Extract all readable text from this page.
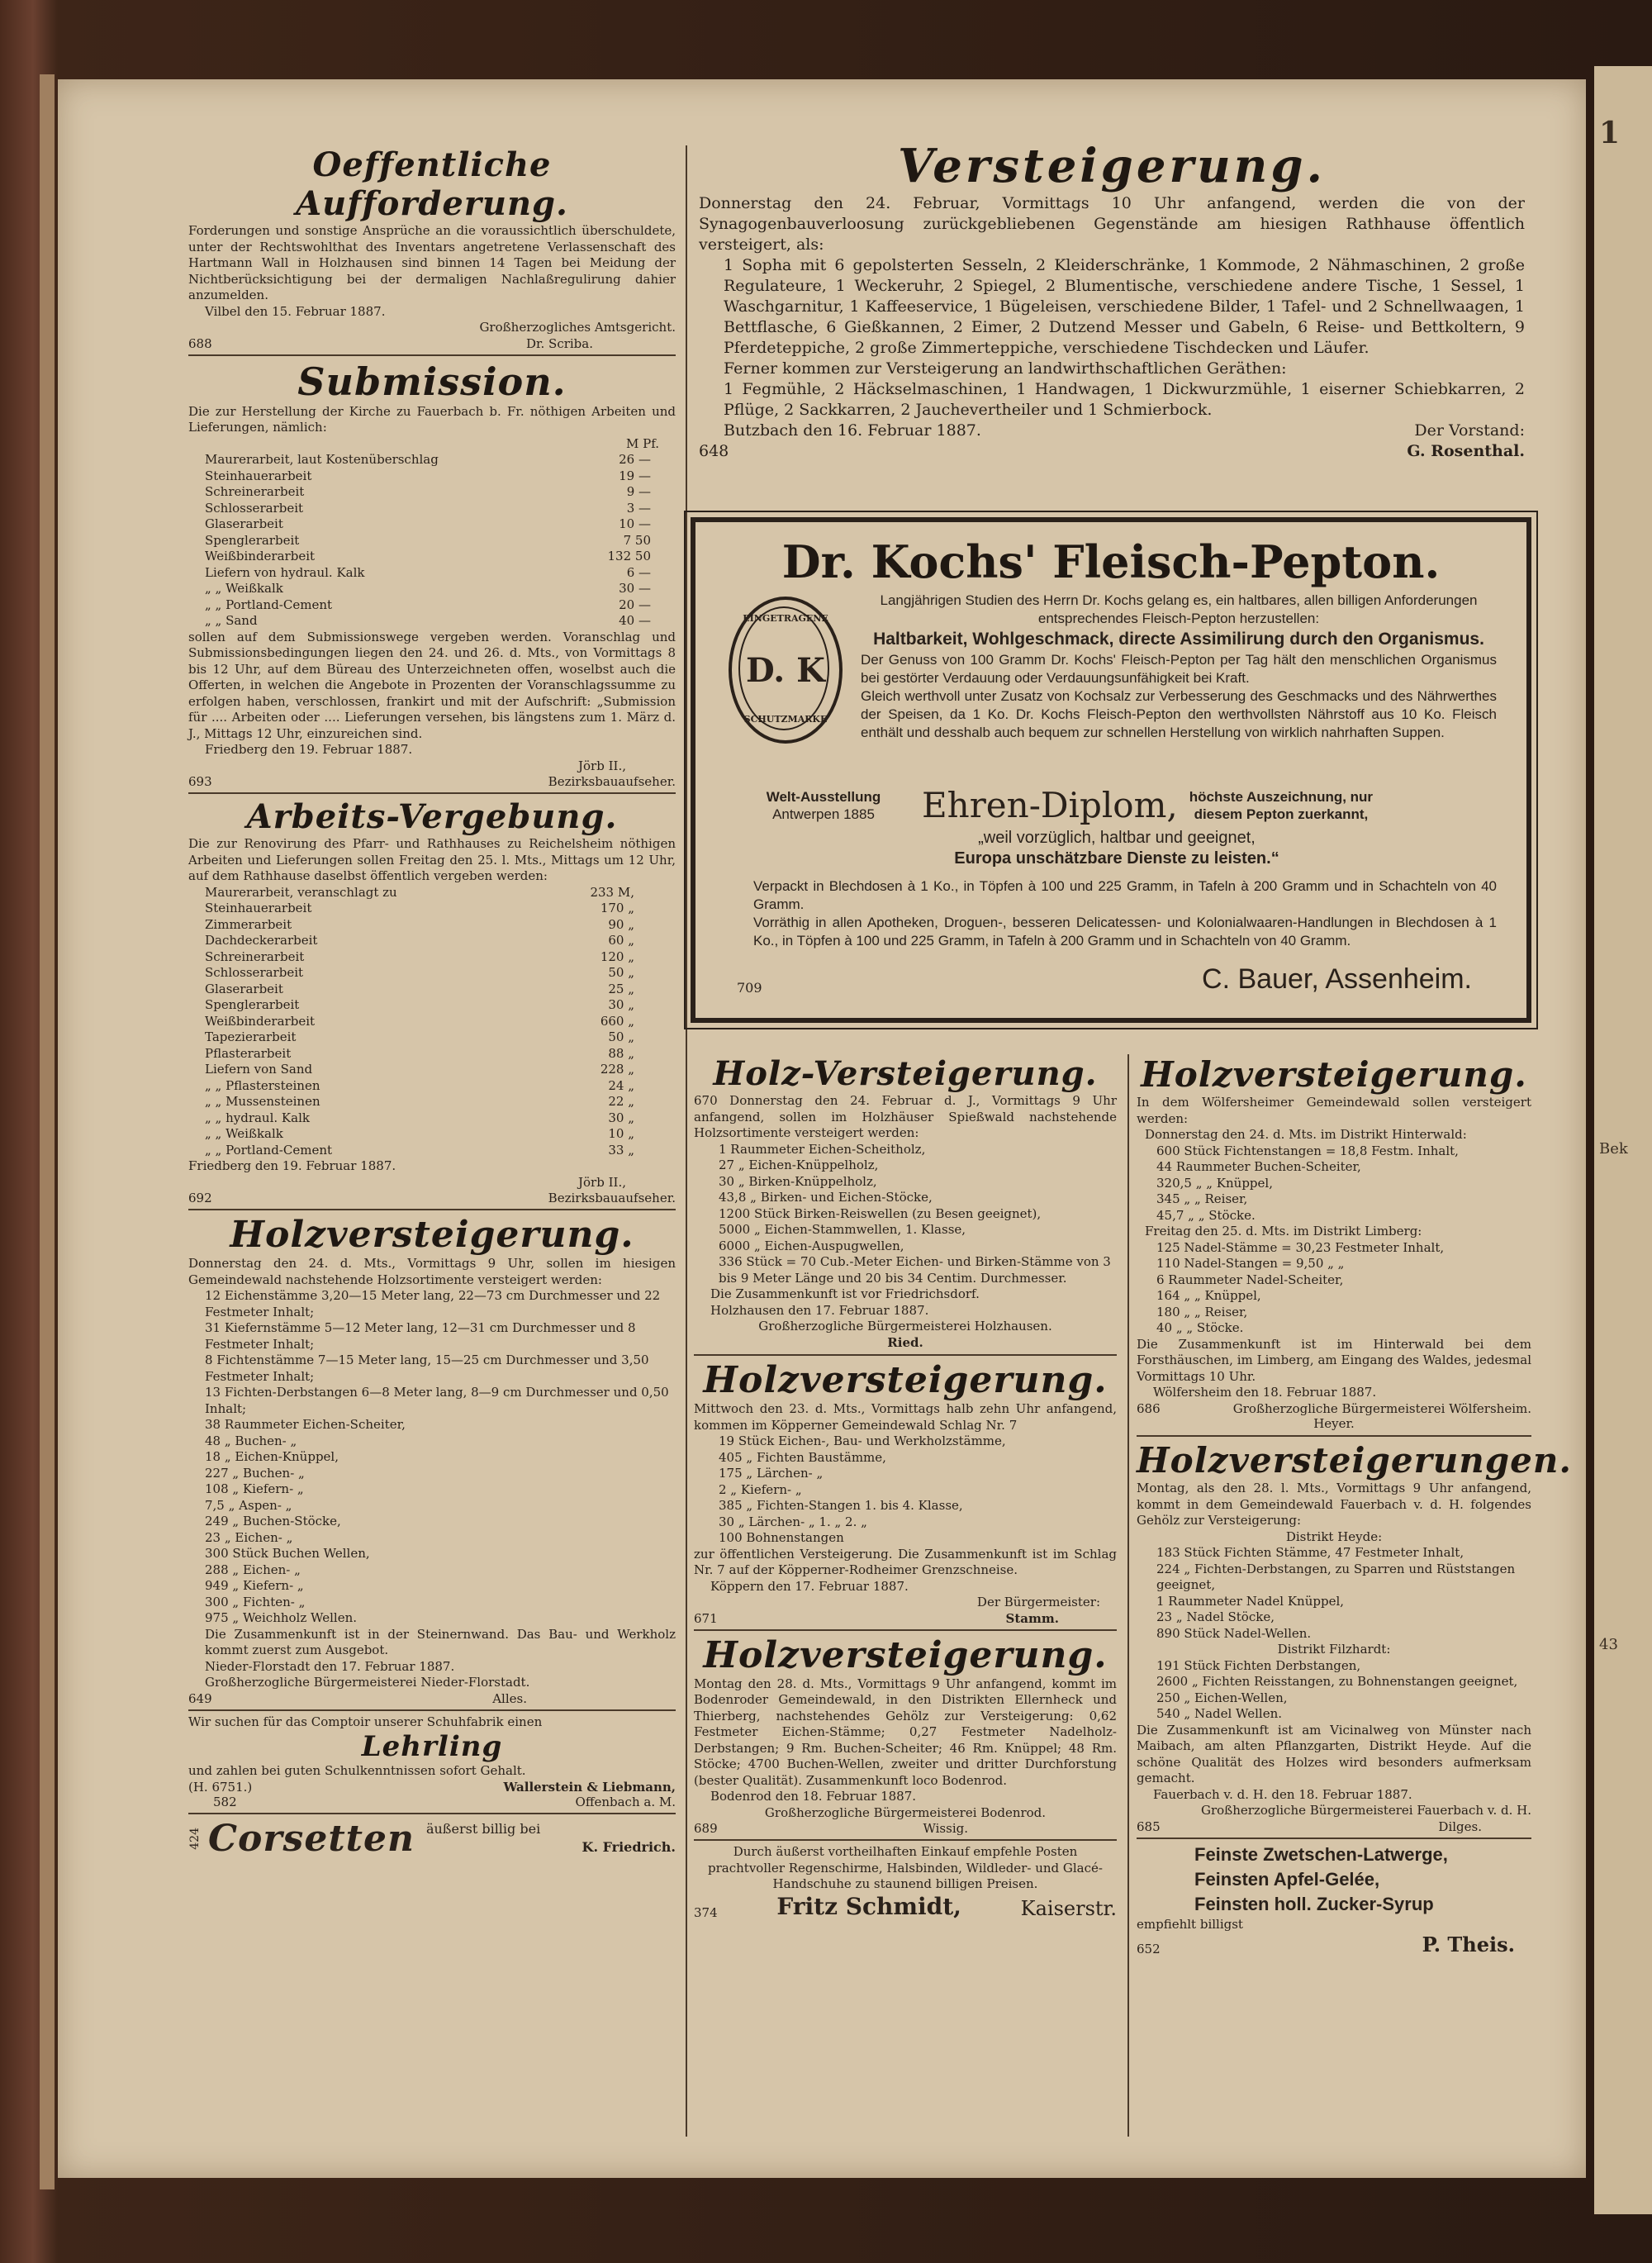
1
Bek
43
Oeffentliche Aufforderung.

Forderungen und sonstige Ansprüche an die voraussichtlich überschuldete, unter der Rechtswohlthat des Inventars angetretene Verlassenschaft des Hartmann Wall in Holzhausen sind binnen 14 Tagen bei Meidung der Nichtberücksichtigung bei der dermaligen Nachlaßregulirung dahier anzumelden.

Vilbel den 15. Februar 1887.

Großherzogliches Amtsgericht.

688	Dr. Scriba.
Submission.

Die zur Herstellung der Kirche zu Fauerbach b. Fr. nöthigen Arbeiten und Lieferungen, nämlich:

M Pf.

Maurerarbeit, laut Kostenüberschlag	26 —
Steinhauerarbeit	19 —
Schreinerarbeit	9 —
Schlosserarbeit	3 —
Glaserarbeit	10 —
Spenglerarbeit	7 50
Weißbinderarbeit	132 50
Liefern von hydraul. Kalk	6 —
„ „ Weißkalk	30 —
„ „ Portland-Cement	20 —
„ „ Sand	40 —

sollen auf dem Submissionswege vergeben werden. Voranschlag und Submissionsbedingungen liegen den 24. und 26. d. Mts., von Vormittags 8 bis 12 Uhr, auf dem Büreau des Unterzeichneten offen, woselbst auch die Offerten, in welchen die Angebote in Prozenten der Voranschlagssumme zu erfolgen haben, verschlossen, frankirt und mit der Aufschrift: „Submission für .... Arbeiten oder .... Lieferungen versehen, bis längstens zum 1. März d. J., Mittags 12 Uhr, einzureichen sind.

Friedberg den 19. Februar 1887.

Jörb II.,

693	Bezirksbauaufseher.
Arbeits-Vergebung.

Die zur Renovirung des Pfarr- und Rathhauses zu Reichelsheim nöthigen Arbeiten und Lieferungen sollen Freitag den 25. l. Mts., Mittags um 12 Uhr, auf dem Rathhause daselbst öffentlich vergeben werden:

Maurerarbeit, veranschlagt zu	233 M,
Steinhauerarbeit	170 „
Zimmerarbeit	90 „
Dachdeckerarbeit	60 „
Schreinerarbeit	120 „
Schlosserarbeit	50 „
Glaserarbeit	25 „
Spenglerarbeit	30 „
Weißbinderarbeit	660 „
Tapezierarbeit	50 „
Pflasterarbeit	88 „
Liefern von Sand	228 „
„ „ Pflastersteinen	24 „
„ „ Mussensteinen	22 „
„ „ hydraul. Kalk	30 „
„ „ Weißkalk	10 „
„ „ Portland-Cement	33 „

Friedberg den 19. Februar 1887.

Jörb II.,

692	Bezirksbauaufseher.
Holzversteigerung.

Donnerstag den 24. d. Mts., Vormittags 9 Uhr, sollen im hiesigen Gemeindewald nachstehende Holzsortimente versteigert werden:

12 Eichenstämme 3,20—15 Meter lang, 22—73 cm Durchmesser und 22 Festmeter Inhalt;

31 Kiefernstämme 5—12 Meter lang, 12—31 cm Durchmesser und 8 Festmeter Inhalt;

8 Fichtenstämme 7—15 Meter lang, 15—25 cm Durchmesser und 3,50 Festmeter Inhalt;

13 Fichten-Derbstangen 6—8 Meter lang, 8—9 cm Durchmesser und 0,50 Inhalt;

38 Raummeter Eichen-Scheiter,

48 „ Buchen- „

18 „ Eichen-Knüppel,

227 „ Buchen- „

108 „ Kiefern- „

7,5 „ Aspen- „

249 „ Buchen-Stöcke,

23 „ Eichen- „

300 Stück Buchen Wellen,

288 „ Eichen- „

949 „ Kiefern- „

300 „ Fichten- „

975 „ Weichholz Wellen.

Die Zusammenkunft ist in der Steinernwand. Das Bau- und Werkholz kommt zuerst zum Ausgebot.

Nieder-Florstadt den 17. Februar 1887.

Großherzogliche Bürgermeisterei Nieder-Florstadt.

649	Alles.

Wir suchen für das Comptoir unserer Schuhfabrik einen

Lehrling

und zahlen bei guten Schulkenntnissen sofort Gehalt.

(H. 6751.)	Wallerstein & Liebmann,
582	Offenbach a. M.
424 Corsetten äußerst billig bei
K. Friedrich.
Versteigerung.

Donnerstag den 24. Februar, Vormittags 10 Uhr anfangend, werden die von der Synagogenbauverloosung zurückgebliebenen Gegenstände am hiesigen Rathhause öffentlich versteigert, als:

1 Sopha mit 6 gepolsterten Sesseln, 2 Kleiderschränke, 1 Kommode, 2 Nähmaschinen, 2 große Regulateure, 1 Weckeruhr, 2 Spiegel, 2 Blumentische, verschiedene andere Tische, 1 Sessel, 1 Waschgarnitur, 1 Kaffeeservice, 1 Bügeleisen, verschiedene Bilder, 1 Tafel- und 2 Schnellwaagen, 1 Bettflasche, 6 Gießkannen, 2 Eimer, 2 Dutzend Messer und Gabeln, 6 Reise- und Bettkoltern, 9 Pferdeteppiche, 2 große Zimmerteppiche, verschiedene Tischdecken und Läufer.

Ferner kommen zur Versteigerung an landwirthschaftlichen Geräthen:

1 Fegmühle, 2 Häckselmaschinen, 1 Handwagen, 1 Dickwurzmühle, 1 eiserner Schiebkarren, 2 Pflüge, 2 Sackkarren, 2 Jauchevertheiler und 1 Schmierbock.

Butzbach den 16. Februar 1887.	Der Vorstand:
648	G. Rosenthal.
Dr. Kochs' Fleisch-Pepton.
EINGETRAGENE
D. K
SCHUTZMARKE

Langjährigen Studien des Herrn Dr. Kochs gelang es, ein haltbares, allen billigen Anforderungen entsprechendes Fleisch-Pepton herzustellen:

Haltbarkeit, Wohlgeschmack, directe Assimilirung durch den Organismus.

Der Genuss von 100 Gramm Dr. Kochs' Fleisch-Pepton per Tag hält den menschlichen Organismus bei gestörter Verdauung oder Verdauungsunfähigkeit bei Kraft.

Gleich werthvoll unter Zusatz von Kochsalz zur Verbesserung des Geschmacks und des Nährwerthes der Speisen, da 1 Ko. Dr. Kochs Fleisch-Pepton den werthvollsten Nährstoff aus 10 Ko. Fleisch enthält und desshalb auch bequem zur schnellen Herstellung von wirklich nahrhaften Suppen.

Welt-Ausstellung
Antwerpen 1885	Ehren-Diplom, höchste Auszeichnung, nur
diesem Pepton zuerkannt,
„weil vorzüglich, haltbar und geeignet,
Europa unschätzbare Dienste zu leisten.“

Verpackt in Blechdosen à 1 Ko., in Töpfen à 100 und 225 Gramm, in Tafeln à 200 Gramm und in Schachteln von 40 Gramm.

Vorräthig in allen Apotheken, Droguen-, besseren Delicatessen- und Kolonialwaaren-Handlungen in Blechdosen à 1 Ko., in Töpfen à 100 und 225 Gramm, in Tafeln à 200 Gramm und in Schachteln von 40 Gramm.

709	C. Bauer, Assenheim.
Holz-Versteigerung.

670 Donnerstag den 24. Februar d. J., Vormittags 9 Uhr anfangend, sollen im Holzhäuser Spießwald nachstehende Holzsortimente versteigert werden:

1 Raummeter Eichen-Scheitholz,

27 „ Eichen-Knüppelholz,

30 „ Birken-Knüppelholz,

43,8 „ Birken- und Eichen-Stöcke,

1200 Stück Birken-Reiswellen (zu Besen geeignet),

5000 „ Eichen-Stammwellen, 1. Klasse,

6000 „ Eichen-Auspugwellen,

336 Stück = 70 Cub.-Meter Eichen- und Birken-Stämme von 3 bis 9 Meter Länge und 20 bis 34 Centim. Durchmesser.

Die Zusammenkunft ist vor Friedrichsdorf.

Holzhausen den 17. Februar 1887.

Großherzogliche Bürgermeisterei Holzhausen.

Ried.

Holzversteigerung.

Mittwoch den 23. d. Mts., Vormittags halb zehn Uhr anfangend, kommen im Köpperner Gemeindewald Schlag Nr. 7

19 Stück Eichen-, Bau- und Werkholzstämme,

405 „ Fichten Baustämme,

175 „ Lärchen- „

2 „ Kiefern- „

385 „ Fichten-Stangen 1. bis 4. Klasse,

30 „ Lärchen- „ 1. „ 2. „

100 Bohnenstangen

zur öffentlichen Versteigerung. Die Zusammenkunft ist im Schlag Nr. 7 auf der Köpperner-Rodheimer Grenzschneise.

Köppern den 17. Februar 1887.

Der Bürgermeister:

671	Stamm.
Holzversteigerung.

Montag den 28. d. Mts., Vormittags 9 Uhr anfangend, kommt im Bodenroder Gemeindewald, in den Distrikten Ellernheck und Thierberg, nachstehendes Gehölz zur Versteigerung: 0,62 Festmeter Eichen-Stämme; 0,27 Festmeter Nadelholz-Derbstangen; 9 Rm. Buchen-Scheiter; 46 Rm. Knüppel; 48 Rm. Stöcke; 4700 Buchen-Wellen, zweiter und dritter Durchforstung (bester Qualität). Zusammenkunft loco Bodenrod.

Bodenrod den 18. Februar 1887.

Großherzogliche Bürgermeisterei Bodenrod.

689	Wissig.

Durch äußerst vortheilhaften Einkauf empfehle Posten prachtvoller Regenschirme, Halsbinden, Wildleder- und Glacé-Handschuhe zu staunend billigen Preisen.

374	Fritz Schmidt,	Kaiserstr.
Holzversteigerung.

In dem Wölfersheimer Gemeindewald sollen versteigert werden:

Donnerstag den 24. d. Mts. im Distrikt Hinterwald:

600 Stück Fichtenstangen = 18,8 Festm. Inhalt,

44 Raummeter Buchen-Scheiter,

320,5 „ „ Knüppel,

345 „ „ Reiser,

45,7 „ „ Stöcke.

Freitag den 25. d. Mts. im Distrikt Limberg:

125 Nadel-Stämme = 30,23 Festmeter Inhalt,

110 Nadel-Stangen = 9,50 „ „

6 Raummeter Nadel-Scheiter,

164 „ „ Knüppel,

180 „ „ Reiser,

40 „ „ Stöcke.

Die Zusammenkunft ist im Hinterwald bei dem Forsthäuschen, im Limberg, am Eingang des Waldes, jedesmal Vormittags 10 Uhr.

Wölfersheim den 18. Februar 1887.

686	Großherzogliche Bürgermeisterei Wölfersheim.

Heyer.

Holzversteigerungen.

Montag, als den 28. l. Mts., Vormittags 9 Uhr anfangend, kommt in dem Gemeindewald Fauerbach v. d. H. folgendes Gehölz zur Versteigerung:

Distrikt Heyde:

183 Stück Fichten Stämme, 47 Festmeter Inhalt,

224 „ Fichten-Derbstangen, zu Sparren und Rüststangen geeignet,

1 Raummeter Nadel Knüppel,

23 „ Nadel Stöcke,

890 Stück Nadel-Wellen.

Distrikt Filzhardt:

191 Stück Fichten Derbstangen,

2600 „ Fichten Reisstangen, zu Bohnenstangen geeignet,

250 „ Eichen-Wellen,

540 „ Nadel Wellen.

Die Zusammenkunft ist am Vicinalweg von Münster nach Maibach, am alten Pflanzgarten, Distrikt Heyde. Auf die schöne Qualität des Holzes wird besonders aufmerksam gemacht.

Fauerbach v. d. H. den 18. Februar 1887.

Großherzogliche Bürgermeisterei Fauerbach v. d. H.

685	Dilges.
Feinste Zwetschen-Latwerge,
Feinsten Apfel-Gelée,
Feinsten holl. Zucker-Syrup

empfiehlt billigst

652	P. Theis.
